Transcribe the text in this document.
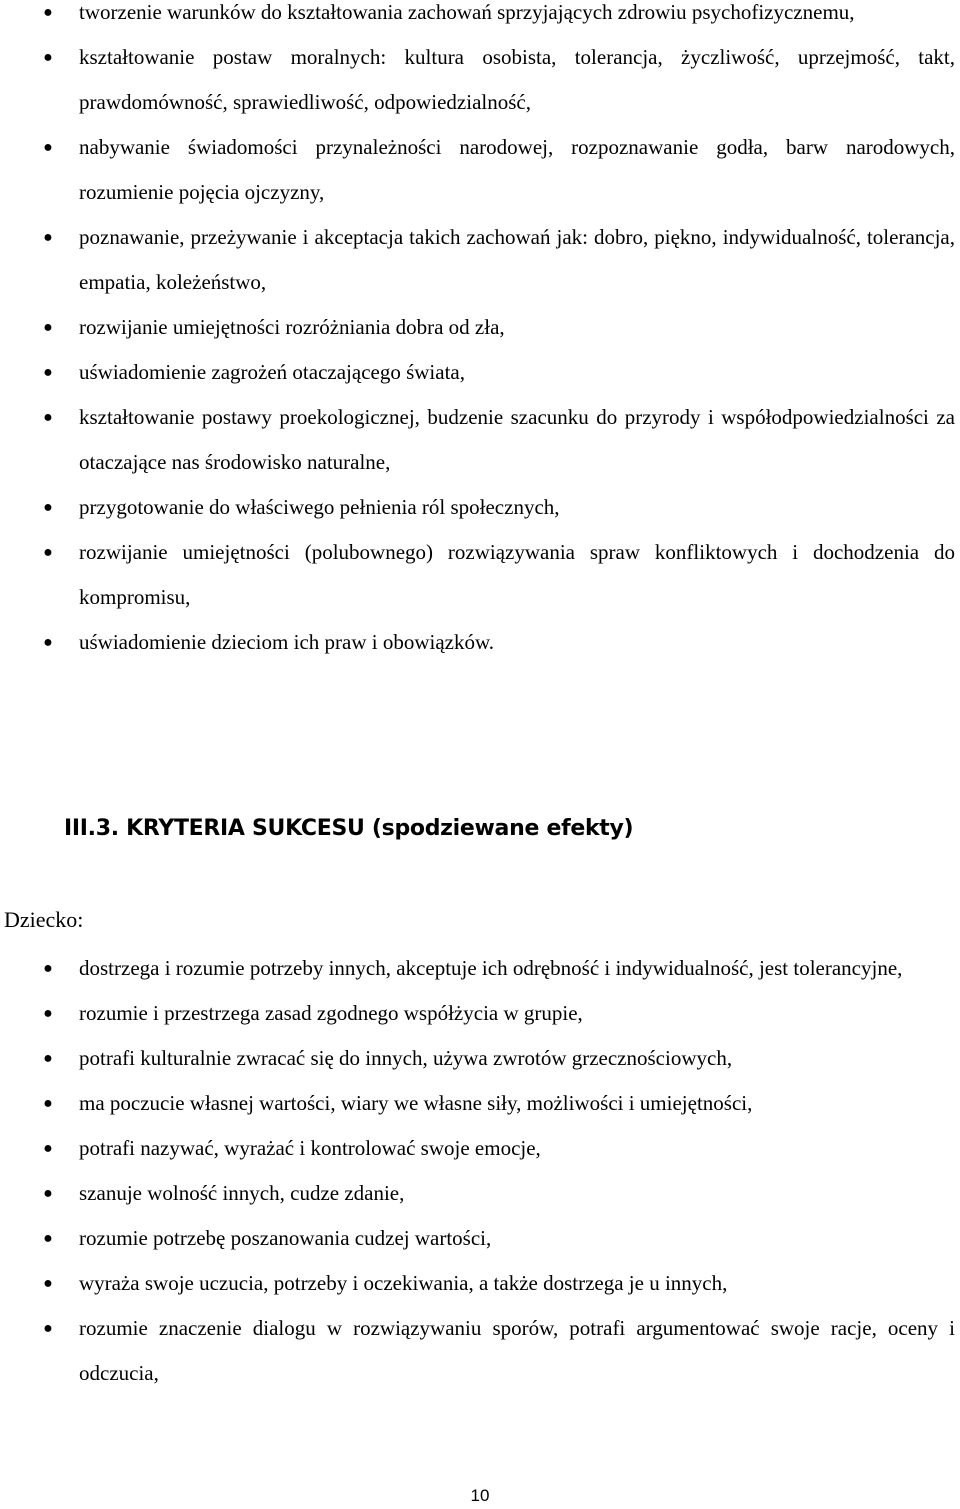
● tworzenie warunków do kształtowania zachowań sprzyjających zdrowiu psychofizycznemu,
● kształtowanie postaw moralnych: kultura osobista, tolerancja, życzliwość, uprzejmość, takt, prawdomówność, sprawiedliwość, odpowiedzialność,
● nabywanie świadomości przynależności narodowej, rozpoznawanie godła, barw narodowych, rozumienie pojęcia ojczyzny,
● poznawanie, przeżywanie i akceptacja takich zachowań jak: dobro, piękno, indywidualność, tolerancja, empatia, koleżeństwo,
● rozwijanie umiejętności rozróżniania dobra od zła,
● uświadomienie zagrożeń otaczającego świata,
● kształtowanie postawy proekologicznej, budzenie szacunku do przyrody i współodpowiedzialności za otaczające nas środowisko naturalne,
● przygotowanie do właściwego pełnienia ról społecznych,
● rozwijanie umiejętności (polubownego) rozwiązywania spraw konfliktowych i dochodzenia do kompromisu,
● uświadomienie dzieciom ich praw i obowiązków.
III.3. KRYTERIA SUKCESU (spodziewane efekty)

Dziecko:

● dostrzega i rozumie potrzeby innych, akceptuje ich odrębność i indywidualność, jest tolerancyjne,
● rozumie i przestrzega zasad zgodnego współżycia w grupie,
● potrafi kulturalnie zwracać się do innych, używa zwrotów grzecznościowych,
● ma poczucie własnej wartości, wiary we własne siły, możliwości i umiejętności,
● potrafi nazywać, wyrażać i kontrolować swoje emocje,
● szanuje wolność innych, cudze zdanie,
● rozumie potrzebę poszanowania cudzej wartości,
● wyraża swoje uczucia, potrzeby i oczekiwania, a także dostrzega je u innych,
● rozumie znaczenie dialogu w rozwiązywaniu sporów, potrafi argumentować swoje racje, oceny i odczucia,
10
